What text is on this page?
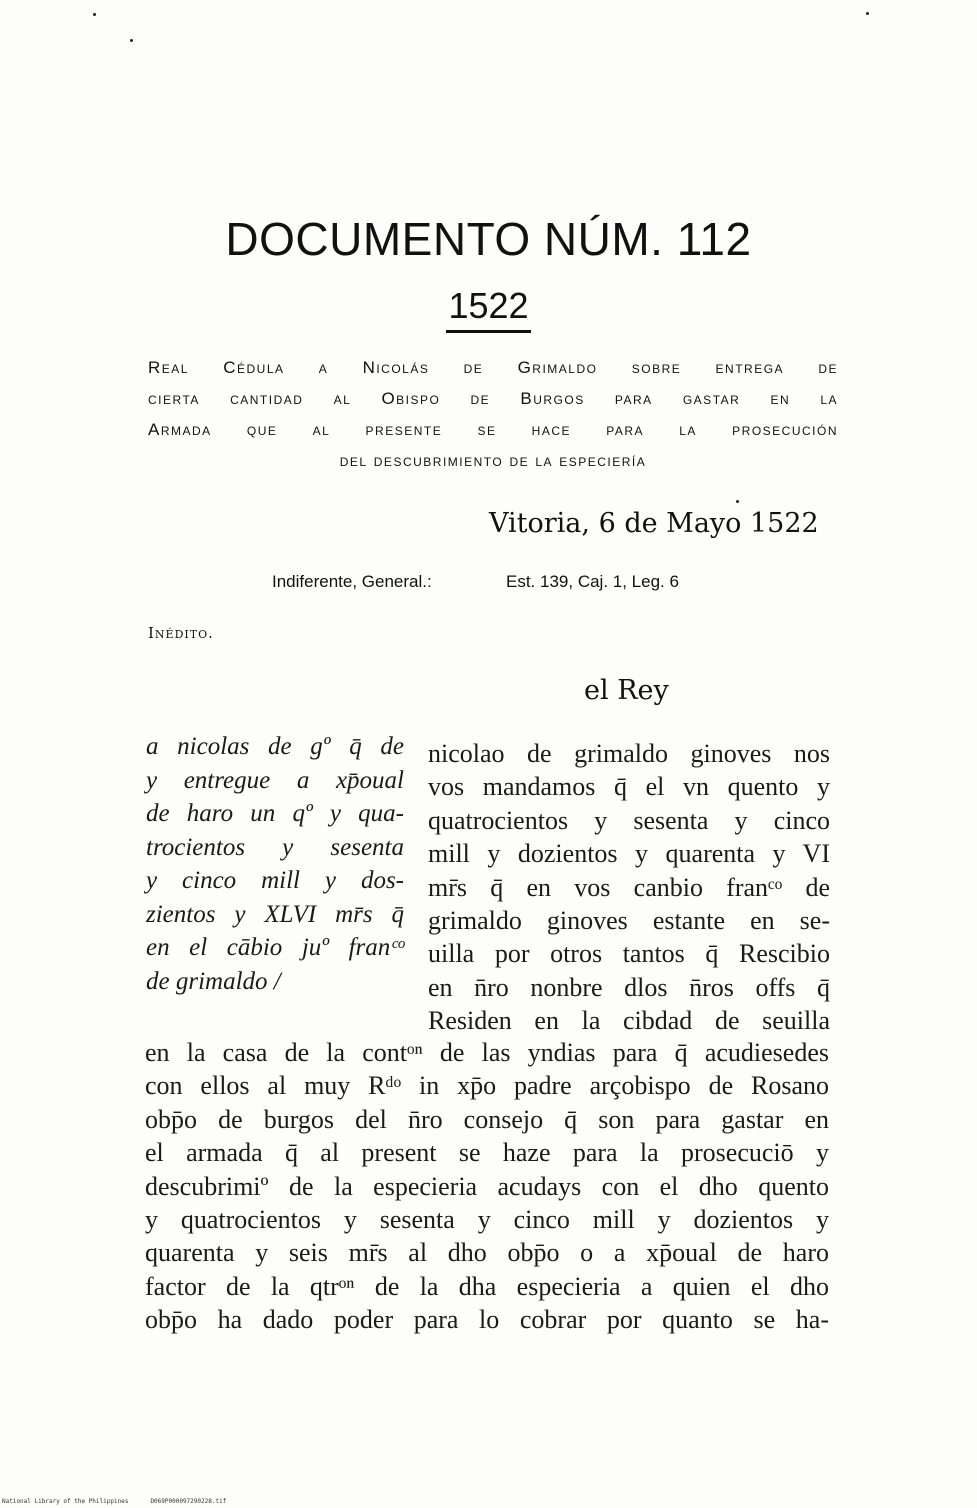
DOCUMENTO NÚM. 112
1522
Real Cédula a Nicolás de Grimaldo sobre entrega de
cierta cantidad al Obispo de Burgos para gastar en la
Armada que al presente se hace para la prosecución
del descubrimiento de la especiería
Vitoria, 6 de Mayo 1522
Indiferente, General.:	Est. 139, Caj. 1, Leg. 6
Inédito.
el Rey
a nicolas de gº q̄ de
y entregue a xp̄oual
de haro un qº y qua-
trocientos y sesenta
y cinco mill y dos-
zientos y XLVI mr̄s q̄
en el cābio juº franᶜᵒ
de grimaldo /
nicolao de grimaldo ginoves nos
vos mandamos q̄ el vn quento y
quatrocientos y sesenta y cinco
mill y dozientos y quarenta y VI
mr̄s q̄ en vos canbio franᶜᵒ de
grimaldo ginoves estante en se-
uilla por otros tantos q̄ Rescibio
en n̄ro nonbre dlos n̄ros offs q̄
Residen en la cibdad de seuilla
en la casa de la contᵒⁿ de las yndias para q̄ acudiesedes
con ellos al muy Rᵈᵒ in xp̄o padre arçobispo de Rosano
obp̄o de burgos del n̄ro consejo q̄ son para gastar en
el armada q̄ al present se haze para la prosecuciō y
descubrimiº de la especieria acudays con el dho quento
y quatrocientos y sesenta y cinco mill y dozientos y
quarenta y seis mr̄s al dho obp̄o o a xp̄oual de haro
factor de la qtrᵒⁿ de la dha especieria a quien el dho
obp̄o ha dado poder para lo cobrar por quanto se ha-
National Library of the Philippines	D069P000097290228.tif
